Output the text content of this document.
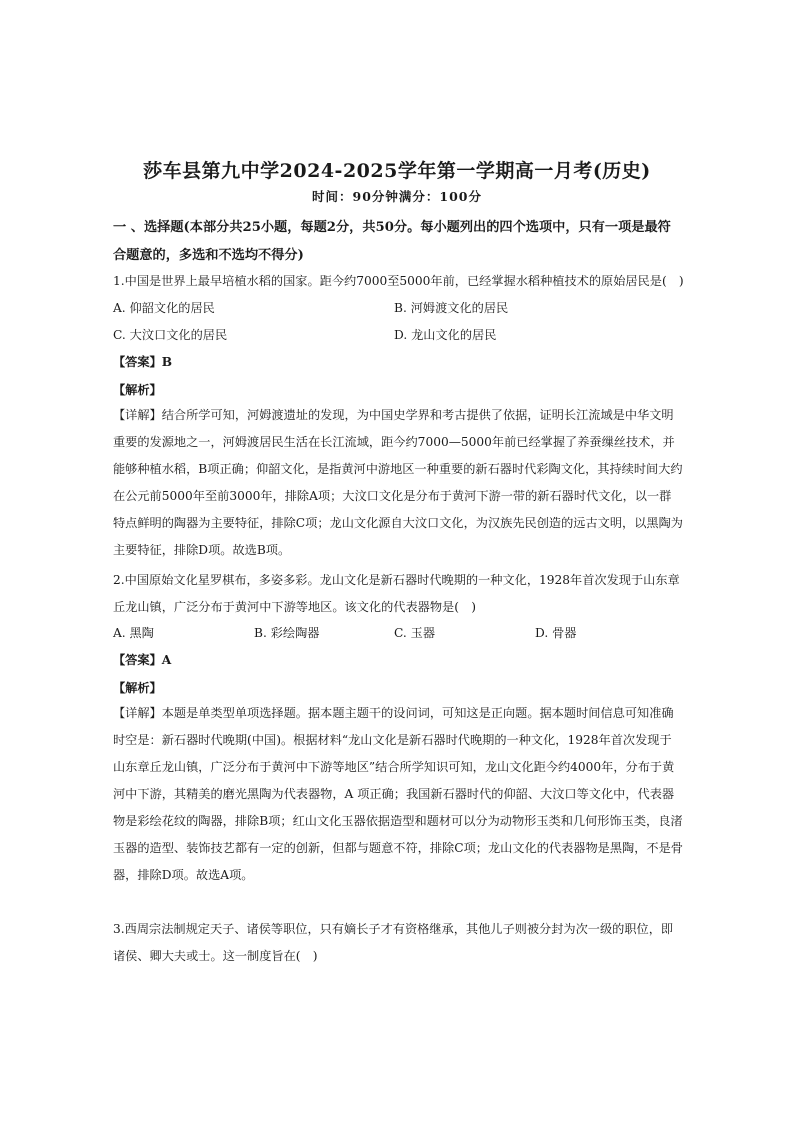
莎车县第九中学2024-2025学年第一学期高一月考(历史)
时间：90分钟满分：100分
一 、选择题(本部分共25小题，每题2分，共50分。每小题列出的四个选项中，只有一项是最符合题意的，多选和不选均不得分)
1.中国是世界上最早培植水稻的国家。距今约7000至5000年前，已经掌握水稻种植技术的原始居民是(　)
A. 仰韶文化的居民	B. 河姆渡文化的居民
C. 大汶口文化的居民	D. 龙山文化的居民
【答案】B
【解析】
【详解】结合所学可知，河姆渡遗址的发现，为中国史学界和考古提供了依据，证明长江流域是中华文明重要的发源地之一，河姆渡居民生活在长江流域，距今约7000—5000年前已经掌握了养蚕缫丝技术，并能够种植水稻，B项正确；仰韶文化，是指黄河中游地区一种重要的新石器时代彩陶文化，其持续时间大约在公元前5000年至前3000年，排除A项；大汶口文化是分布于黄河下游一带的新石器时代文化，以一群特点鲜明的陶器为主要特征，排除C项；龙山文化源自大汶口文化，为汉族先民创造的远古文明，以黑陶为主要特征，排除D项。故选B项。
2.中国原始文化星罗棋布，多姿多彩。龙山文化是新石器时代晚期的一种文化，1928年首次发现于山东章丘龙山镇，广泛分布于黄河中下游等地区。该文化的代表器物是(　)
A. 黑陶	B. 彩绘陶器	C. 玉器	D. 骨器
【答案】A
【解析】
【详解】本题是单类型单项选择题。据本题主题干的设问词，可知这是正向题。据本题时间信息可知准确时空是：新石器时代晚期(中国)。根据材料“龙山文化是新石器时代晚期的一种文化，1928年首次发现于山东章丘龙山镇，广泛分布于黄河中下游等地区”结合所学知识可知，龙山文化距今约4000年，分布于黄河中下游，其精美的磨光黑陶为代表器物，A 项正确；我国新石器时代的仰韶、大汶口等文化中，代表器物是彩绘花纹的陶器，排除B项；红山文化玉器依据造型和题材可以分为动物形玉类和几何形饰玉类，良渚玉器的造型、装饰技艺都有一定的创新，但都与题意不符，排除C项；龙山文化的代表器物是黑陶，不是骨器，排除D项。故选A项。
3.西周宗法制规定天子、诸侯等职位，只有嫡长子才有资格继承，其他儿子则被分封为次一级的职位，即诸侯、卿大夫或士。这一制度旨在(　)
